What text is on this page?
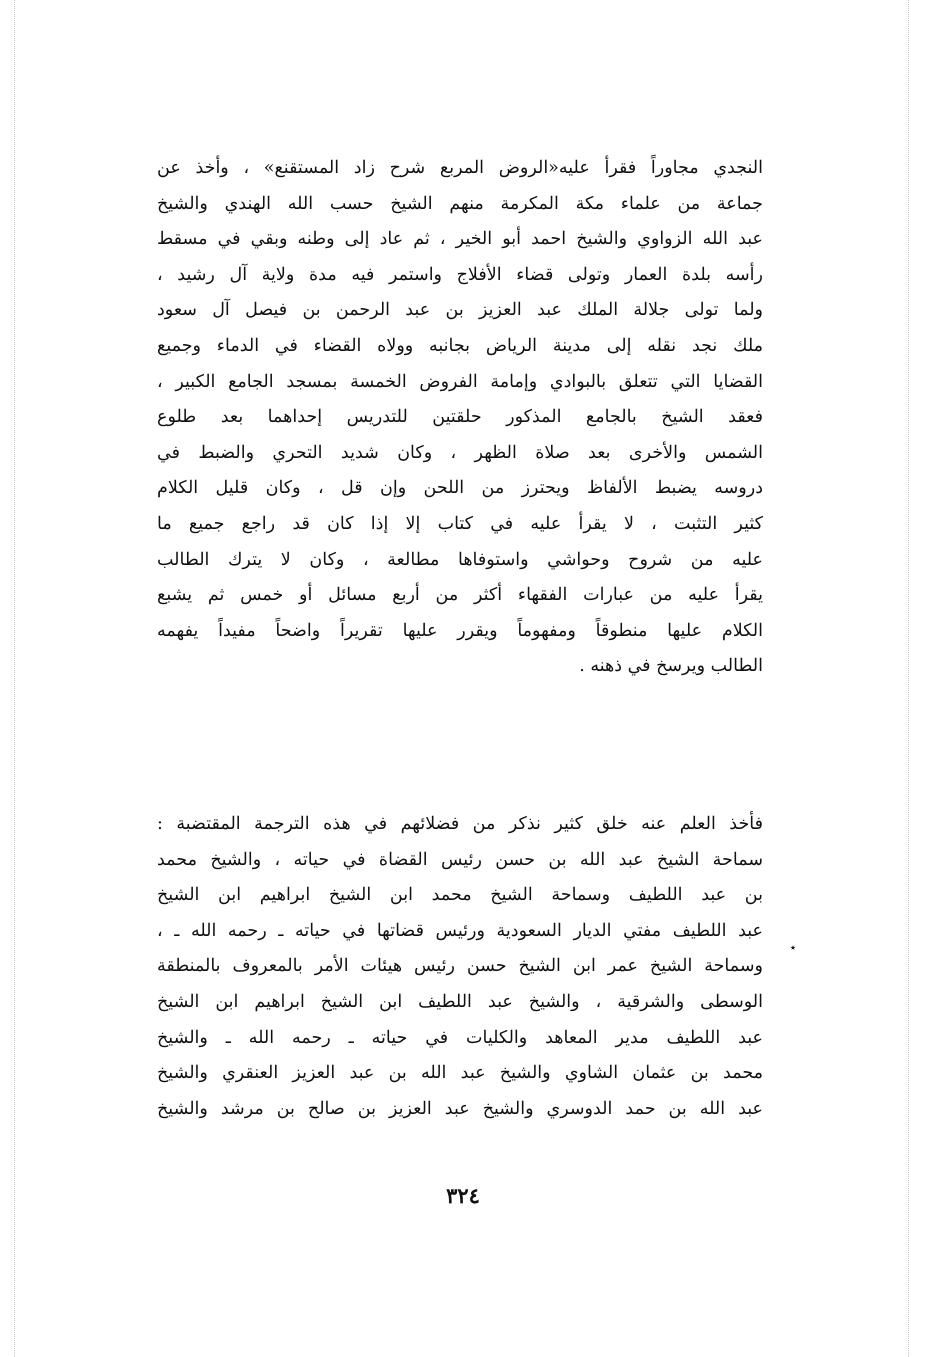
النجدي مجاوراً فقرأ عليه«الروض المربع شرح زاد المستقنع» ، وأخذ عن
جماعة من علماء مكة المكرمة منهم الشيخ حسب الله الهندي والشيخ
عبد الله الزواوي والشيخ احمد أبو الخير ، ثم عاد إلى وطنه وبقي في مسقط
رأسه بلدة العمار وتولى قضاء الأفلاج واستمر فيه مدة ولاية آل رشيد ،
ولما تولى جلالة الملك عبد العزيز بن عبد الرحمن بن فيصل آل سعود
ملك نجد نقله إلى مدينة الرياض بجانبه وولاه القضاء في الدماء وجميع
القضايا التي تتعلق بالبوادي وإمامة الفروض الخمسة بمسجد الجامع الكبير ،
فعقد الشيخ بالجامع المذكور حلقتين للتدريس إحداهما بعد طلوع
الشمس والأخرى بعد صلاة الظهر ، وكان شديد التحري والضبط في
دروسه يضبط الألفاظ ويحترز من اللحن وإن قل ، وكان قليل الكلام
كثير التثبت ، لا يقرأ عليه في كتاب إلا إذا كان قد راجع جميع ما
عليه من شروح وحواشي واستوفاها مطالعة ، وكان لا يترك الطالب
يقرأ عليه من عبارات الفقهاء أكثر من أربع مسائل أو خمس ثم يشبع
الكلام عليها منطوقاً ومفهوماً ويقرر عليها تقريراً واضحاً مفيداً يفهمه
الطالب ويرسخ في ذهنه .
فأخذ العلم عنه خلق كثير نذكر من فضلائهم في هذه الترجمة المقتضبة :
سماحة الشيخ عبد الله بن حسن رئيس القضاة في حياته ، والشيخ محمد
بن عبد اللطيف وسماحة الشيخ محمد ابن الشيخ ابراهيم ابن الشيخ
عبد اللطيف مفتي الديار السعودية ورئيس قضاتها في حياته ـ رحمه الله ـ ،
وسماحة الشيخ عمر ابن الشيخ حسن رئيس هيئات الأمر بالمعروف بالمنطقة
الوسطى والشرقية ، والشيخ عبد اللطيف ابن الشيخ ابراهيم ابن الشيخ
عبد اللطيف مدير المعاهد والكليات في حياته ـ رحمه الله ـ والشيخ
محمد بن عثمان الشاوي والشيخ عبد الله بن عبد العزيز العنقري والشيخ
عبد الله بن حمد الدوسري والشيخ عبد العزيز بن صالح بن مرشد والشيخ
٭
٣٢٤
